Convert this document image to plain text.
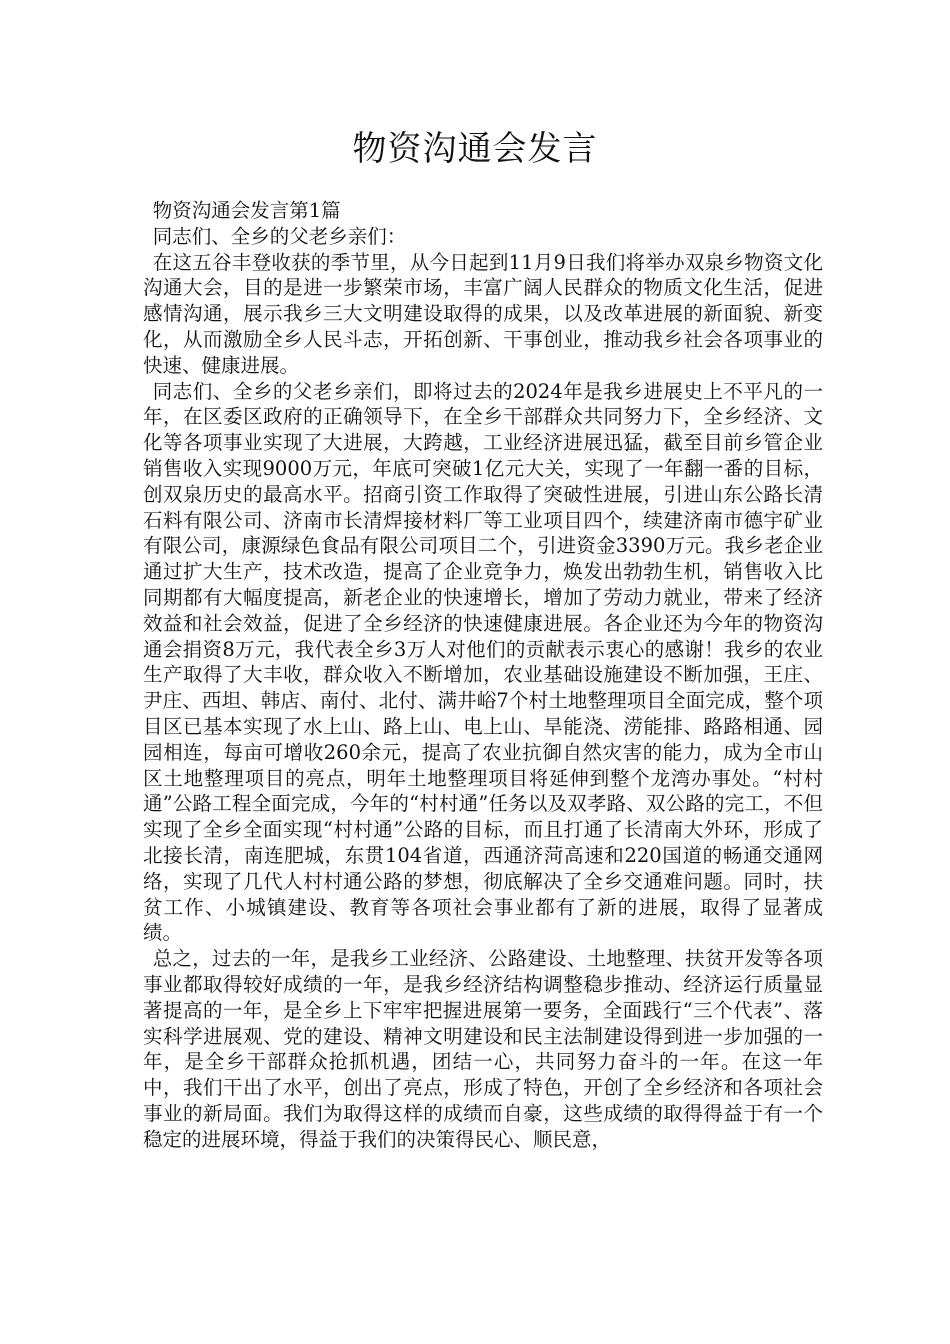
物资沟通会发言

物资沟通会发言第1篇

同志们、全乡的父老乡亲们：

在这五谷丰登收获的季节里，从今日起到11月9日我们将举办双泉乡物资文化沟通大会，目的是进一步繁荣市场，丰富广阔人民群众的物质文化生活，促进感情沟通，展示我乡三大文明建设取得的成果，以及改革进展的新面貌、新变化，从而激励全乡人民斗志，开拓创新、干事创业，推动我乡社会各项事业的快速、健康进展。

同志们、全乡的父老乡亲们，即将过去的2024年是我乡进展史上不平凡的一年，在区委区政府的正确领导下，在全乡干部群众共同努力下，全乡经济、文化等各项事业实现了大进展，大跨越，工业经济进展迅猛，截至目前乡管企业销售收入实现9000万元，年底可突破1亿元大关，实现了一年翻一番的目标，创双泉历史的最高水平。招商引资工作取得了突破性进展，引进山东公路长清石料有限公司、济南市长清焊接材料厂等工业项目四个，续建济南市德宇矿业有限公司，康源绿色食品有限公司项目二个，引进资金3390万元。我乡老企业通过扩大生产，技术改造，提高了企业竞争力，焕发出勃勃生机，销售收入比同期都有大幅度提高，新老企业的快速增长，增加了劳动力就业，带来了经济效益和社会效益，促进了全乡经济的快速健康进展。各企业还为今年的物资沟通会捐资8万元，我代表全乡3万人对他们的贡献表示衷心的感谢！我乡的农业生产取得了大丰收，群众收入不断增加，农业基础设施建设不断加强，王庄、尹庄、西坦、韩店、南付、北付、满井峪7个村土地整理项目全面完成，整个项目区已基本实现了水上山、路上山、电上山、旱能浇、涝能排、路路相通、园园相连，每亩可增收260余元，提高了农业抗御自然灾害的能力，成为全市山区土地整理项目的亮点，明年土地整理项目将延伸到整个龙湾办事处。“村村通”公路工程全面完成，今年的“村村通”任务以及双孝路、双公路的完工，不但实现了全乡全面实现“村村通”公路的目标，而且打通了长清南大外环，形成了北接长清，南连肥城，东贯104省道，西通济菏高速和220国道的畅通交通网络，实现了几代人村村通公路的梦想，彻底解决了全乡交通难问题。同时，扶贫工作、小城镇建设、教育等各项社会事业都有了新的进展，取得了显著成绩。

总之，过去的一年，是我乡工业经济、公路建设、土地整理、扶贫开发等各项事业都取得较好成绩的一年，是我乡经济结构调整稳步推动、经济运行质量显著提高的一年，是全乡上下牢牢把握进展第一要务，全面践行“三个代表”、落实科学进展观、党的建设、精神文明建设和民主法制建设得到进一步加强的一年，是全乡干部群众抢抓机遇，团结一心，共同努力奋斗的一年。在这一年中，我们干出了水平，创出了亮点，形成了特色，开创了全乡经济和各项社会事业的新局面。我们为取得这样的成绩而自豪，这些成绩的取得得益于有一个稳定的进展环境，得益于我们的决策得民心、顺民意，
